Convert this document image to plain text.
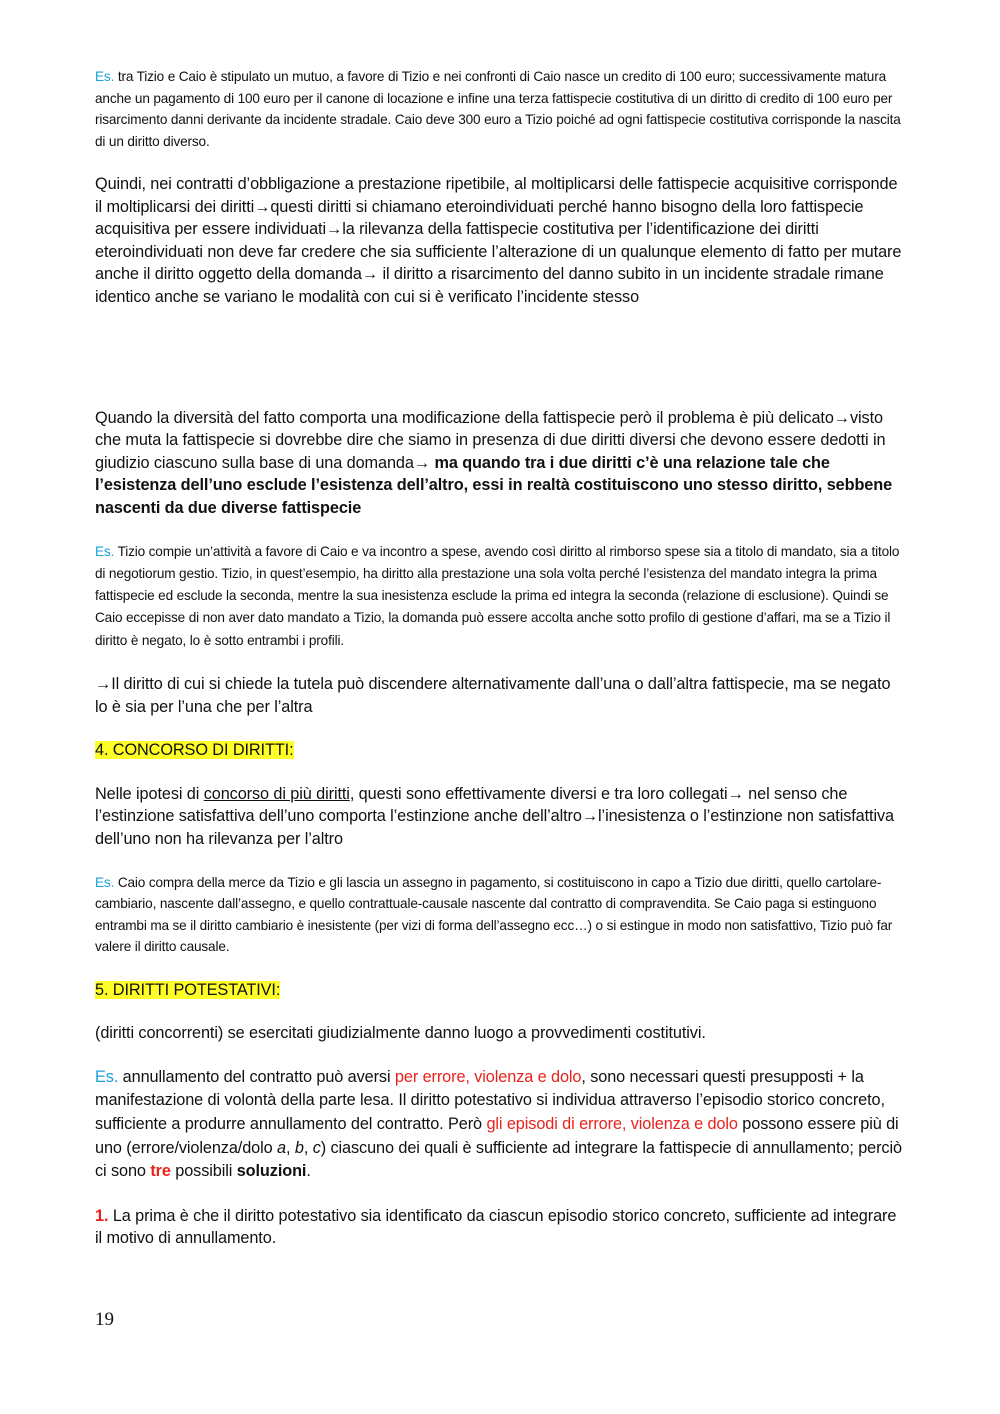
Es. tra Tizio e Caio è stipulato un mutuo, a favore di Tizio e nei confronti di Caio nasce un credito di 100 euro; successivamente matura anche un pagamento di 100 euro per il canone di locazione e infine una terza fattispecie costitutiva di un diritto di credito di 100 euro per risarcimento danni derivante da incidente stradale. Caio deve 300 euro a Tizio poiché ad ogni fattispecie costitutiva corrisponde la nascita di un diritto diverso.

Quindi, nei contratti d’obbligazione a prestazione ripetibile, al moltiplicarsi delle fattispecie acquisitive corrisponde il moltiplicarsi dei diritti→questi diritti si chiamano eteroindividuati perché hanno bisogno della loro fattispecie acquisitiva per essere individuati→la rilevanza della fattispecie costitutiva per l’identificazione dei diritti eteroindividuati non deve far credere che sia sufficiente l’alterazione di un qualunque elemento di fatto per mutare anche il diritto oggetto della domanda→ il diritto a risarcimento del danno subito in un incidente stradale rimane identico anche se variano le modalità con cui si è verificato l’incidente stesso

Quando la diversità del fatto comporta una modificazione della fattispecie però il problema è più delicato→visto che muta la fattispecie si dovrebbe dire che siamo in presenza di due diritti diversi che devono essere dedotti in giudizio ciascuno sulla base di una domanda→ ma quando tra i due diritti c’è una relazione tale che l’esistenza dell’uno esclude l’esistenza dell’altro, essi in realtà costituiscono uno stesso diritto, sebbene nascenti da due diverse fattispecie

Es. Tizio compie un’attività a favore di Caio e va incontro a spese, avendo così diritto al rimborso spese sia a titolo di mandato, sia a titolo di negotiorum gestio. Tizio, in quest’esempio, ha diritto alla prestazione una sola volta perché l’esistenza del mandato integra la prima fattispecie ed esclude la seconda, mentre la sua inesistenza esclude la prima ed integra la seconda (relazione di esclusione). Quindi se Caio eccepisse di non aver dato mandato a Tizio, la domanda può essere accolta anche sotto profilo di gestione d’affari, ma se a Tizio il diritto è negato, lo è sotto entrambi i profili.

→Il diritto di cui si chiede la tutela può discendere alternativamente dall’una o dall’altra fattispecie, ma se negato lo è sia per l’una che per l’altra

4. CONCORSO DI DIRITTI:

Nelle ipotesi di concorso di più diritti, questi sono effettivamente diversi e tra loro collegati→ nel senso che l’estinzione satisfattiva dell’uno comporta l’estinzione anche dell’altro→l’inesistenza o l’estinzione non satisfattiva dell’uno non ha rilevanza per l’altro

Es. Caio compra della merce da Tizio e gli lascia un assegno in pagamento, si costituiscono in capo a Tizio due diritti, quello cartolare-cambiario, nascente dall’assegno, e quello contrattuale-causale nascente dal contratto di compravendita. Se Caio paga si estinguono entrambi ma se il diritto cambiario è inesistente (per vizi di forma dell’assegno ecc…) o si estingue in modo non satisfattivo, Tizio può far valere il diritto causale.

5. DIRITTI POTESTATIVI:

(diritti concorrenti) se esercitati giudizialmente danno luogo a provvedimenti costitutivi.

Es. annullamento del contratto può aversi per errore, violenza e dolo, sono necessari questi presupposti + la manifestazione di volontà della parte lesa. Il diritto potestativo si individua attraverso l’episodio storico concreto, sufficiente a produrre annullamento del contratto. Però gli episodi di errore, violenza e dolo possono essere più di uno (errore/violenza/dolo a, b, c) ciascuno dei quali è sufficiente ad integrare la fattispecie di annullamento; perciò ci sono tre possibili soluzioni.

1. La prima è che il diritto potestativo sia identificato da ciascun episodio storico concreto, sufficiente ad integrare il motivo di annullamento.

19
